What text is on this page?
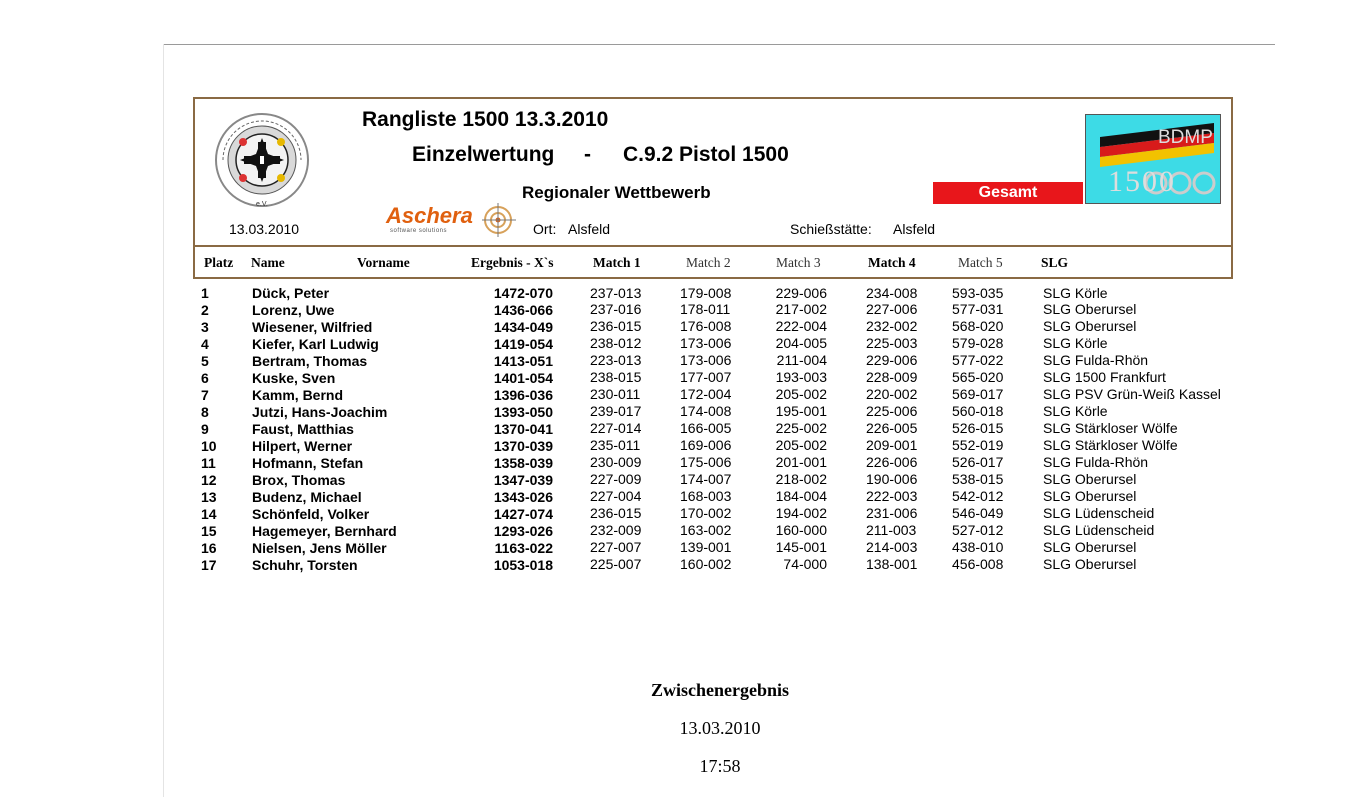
e.V.
13.03.2010
Rangliste 1500 13.3.2010
Einzelwertung - C.9.2 Pistol 1500
Regionaler Wettbewerb
Aschera
software solutions	Ort: Alsfeld	Schießstätte: Alsfeld
Gesamt
BDMP
1500
Platz Name	Vorname	Ergebnis - X`s	Match 1	Match 2	Match 3	Match 4	Match 5	SLG
1	Dück, Peter	1472-070	237-013	179-008	229-006	234-008 593-035	SLG Körle
2	Lorenz, Uwe	1436-066	237-016	178-011	217-002	227-006 577-031	SLG Oberursel
3	Wiesener, Wilfried	1434-049	236-015	176-008	222-004	232-002 568-020	SLG Oberursel
4	Kiefer, Karl Ludwig	1419-054	238-012	173-006	204-005	225-003 579-028	SLG Körle
5	Bertram, Thomas	1413-051	223-013	173-006	211-004	229-006 577-022	SLG Fulda-Rhön
6	Kuske, Sven	1401-054	238-015	177-007	193-003	228-009 565-020	SLG 1500 Frankfurt
7	Kamm, Bernd	1396-036	230-011	172-004	205-002	220-002 569-017	SLG PSV Grün-Weiß Kassel
8	Jutzi, Hans-Joachim	1393-050	239-017	174-008	195-001	225-006 560-018	SLG Körle
9	Faust, Matthias	1370-041	227-014	166-005	225-002	226-005 526-015	SLG Stärkloser Wölfe
10	Hilpert, Werner	1370-039	235-011	169-006	205-002	209-001 552-019	SLG Stärkloser Wölfe
11	Hofmann, Stefan	1358-039	230-009	175-006	201-001	226-006 526-017	SLG Fulda-Rhön
12	Brox, Thomas	1347-039	227-009	174-007	218-002	190-006 538-015	SLG Oberursel
13	Budenz, Michael	1343-026	227-004	168-003	184-004	222-003 542-012	SLG Oberursel
14	Schönfeld, Volker	1427-074	236-015	170-002	194-002	231-006 546-049	SLG Lüdenscheid
15	Hagemeyer, Bernhard	1293-026	232-009	163-002	160-000	211-003	527-012	SLG Lüdenscheid
16	Nielsen, Jens Möller	1163-022	227-007	139-001	145-001	214-003 438-010	SLG Oberursel
17	Schuhr, Torsten	1053-018	225-007	160-002	74-000	138-001 456-008	SLG Oberursel
Zwischenergebnis
13.03.2010
17:58
